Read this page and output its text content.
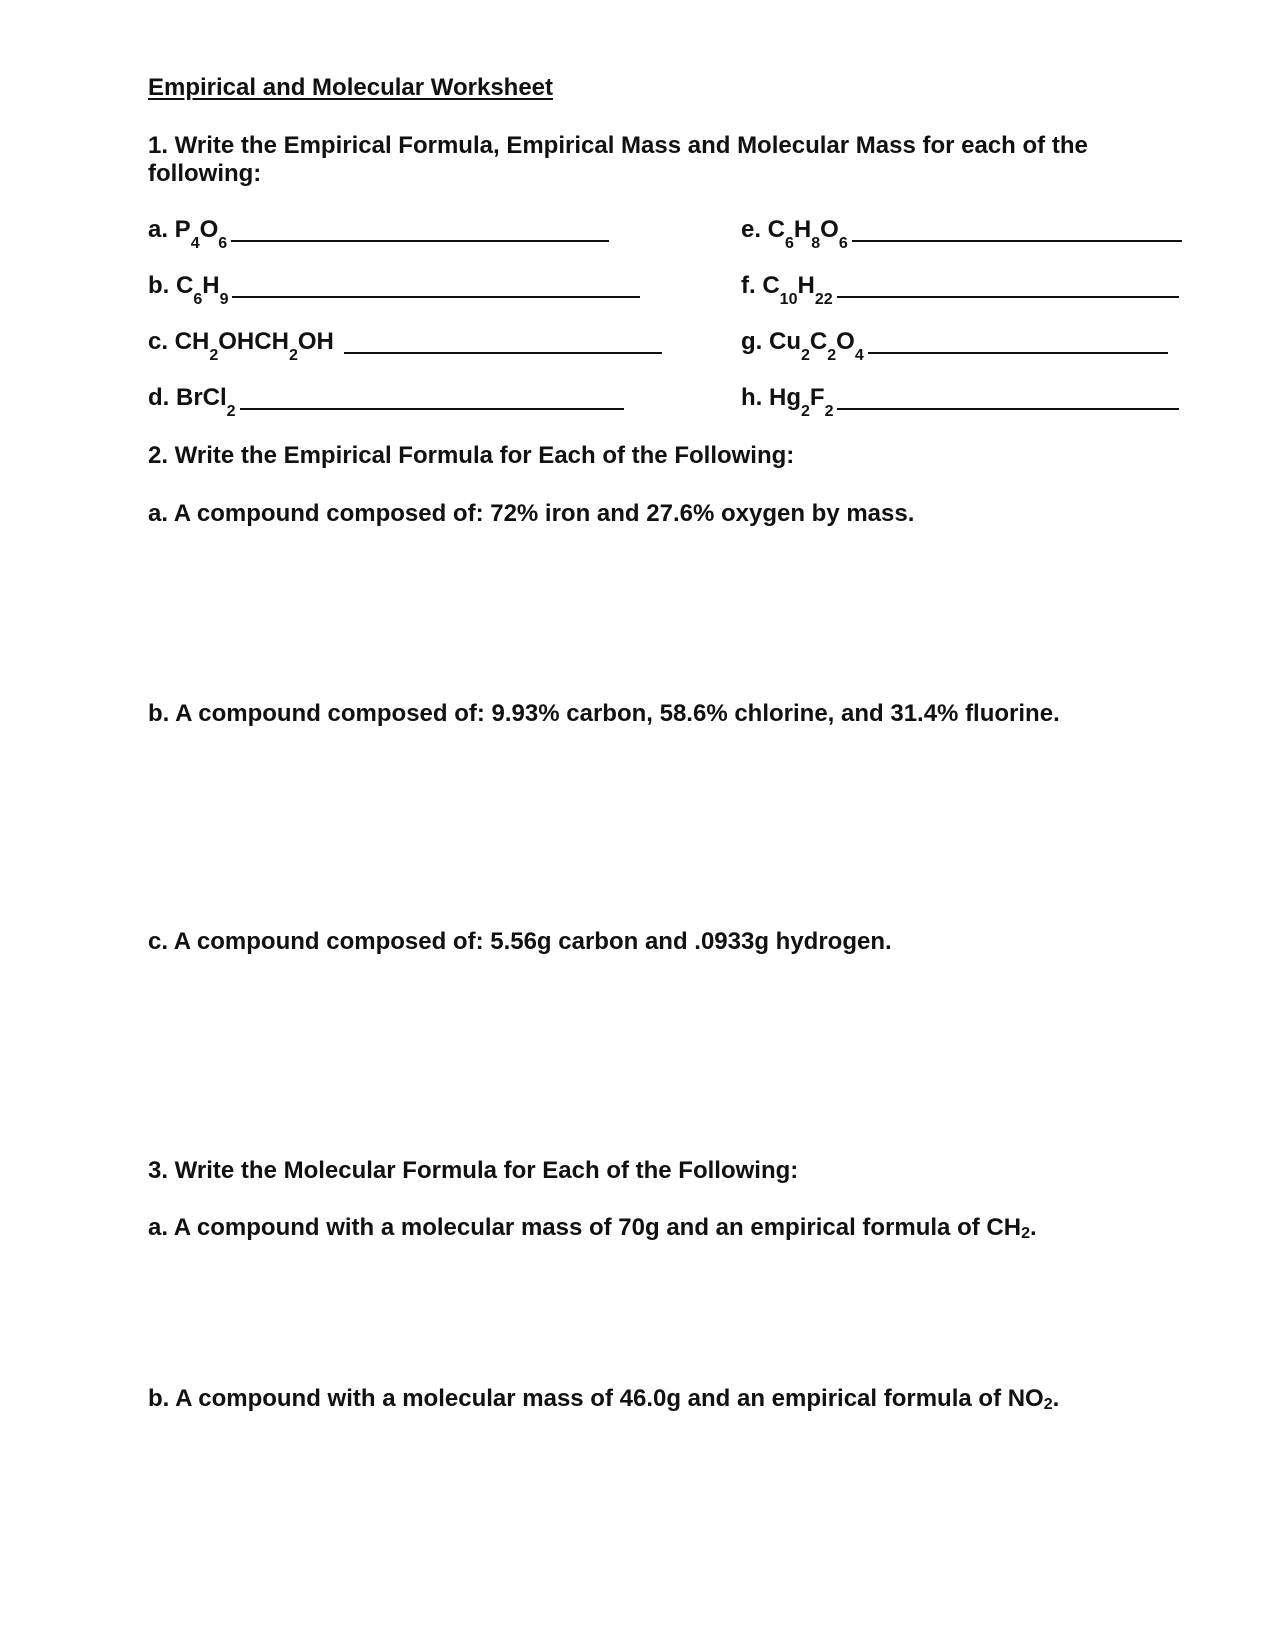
Empirical and Molecular Worksheet
1. Write the Empirical Formula, Empirical Mass and Molecular Mass for each of the following:
a. P
4
O
6
b. C
6
H
9
c. CH
2
OHCH
2
OH
d. BrCl
2
e. C
6
H
8
O
6
f. C
10
H
22
g. Cu
2
C
2
O
4
h. Hg
2
F
2
2. Write the Empirical Formula for Each of the Following:
a. A compound composed of: 72% iron and 27.6% oxygen by mass.
b. A compound composed of: 9.93% carbon, 58.6% chlorine, and 31.4% fluorine.
c. A compound composed of: 5.56g carbon and .0933g hydrogen.
3. Write the Molecular Formula for Each of the Following:
a. A compound with a molecular mass of 70g and an empirical formula of $CH_2$.
b. A compound with a molecular mass of 46.0g and an empirical formula of $NO_2$.
